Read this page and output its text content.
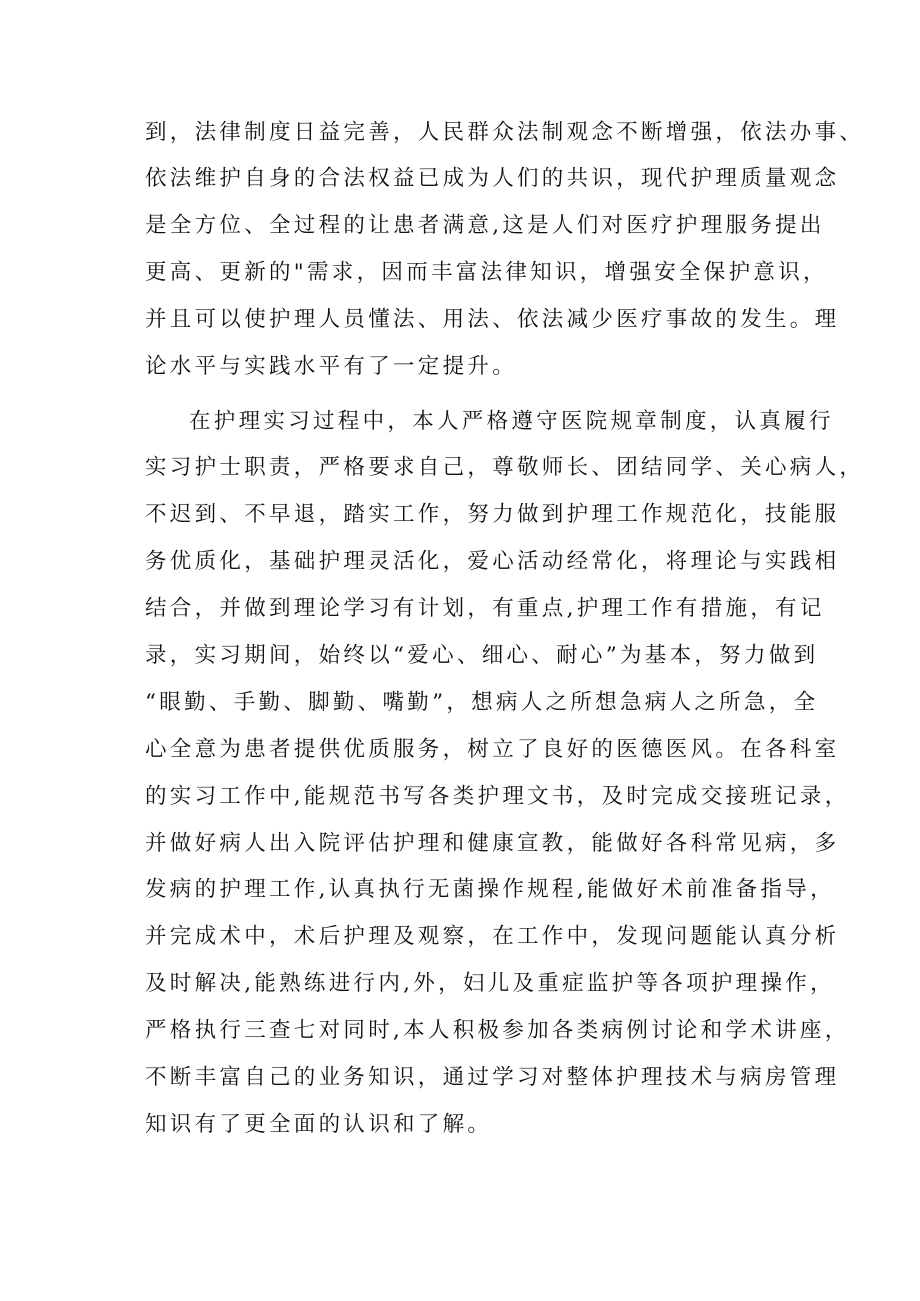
到，法律制度日益完善，人民群众法制观念不断增强，依法办事、
依法维护自身的合法权益已成为人们的共识，现代护理质量观念
是全方位、全过程的让患者满意,这是人们对医疗护理服务提出
更高、更新的"需求，因而丰富法律知识，增强安全保护意识，
并且可以使护理人员懂法、用法、依法减少医疗事故的发生。理
论水平与实践水平有了一定提升。
在护理实习过程中，本人严格遵守医院规章制度，认真履行
实习护士职责，严格要求自己，尊敬师长、团结同学、关心病人，
不迟到、不早退，踏实工作，努力做到护理工作规范化，技能服
务优质化，基础护理灵活化，爱心活动经常化，将理论与实践相
结合，并做到理论学习有计划，有重点,护理工作有措施，有记
录，实习期间，始终以“爱心、细心、耐心”为基本，努力做到
“眼勤、手勤、脚勤、嘴勤”，想病人之所想急病人之所急，全
心全意为患者提供优质服务，树立了良好的医德医风。在各科室
的实习工作中,能规范书写各类护理文书，及时完成交接班记录，
并做好病人出入院评估护理和健康宣教，能做好各科常见病，多
发病的护理工作,认真执行无菌操作规程,能做好术前准备指导，
并完成术中，术后护理及观察，在工作中，发现问题能认真分析
及时解决,能熟练进行内,外，妇儿及重症监护等各项护理操作，
严格执行三查七对同时,本人积极参加各类病例讨论和学术讲座，
不断丰富自己的业务知识，通过学习对整体护理技术与病房管理
知识有了更全面的认识和了解。
